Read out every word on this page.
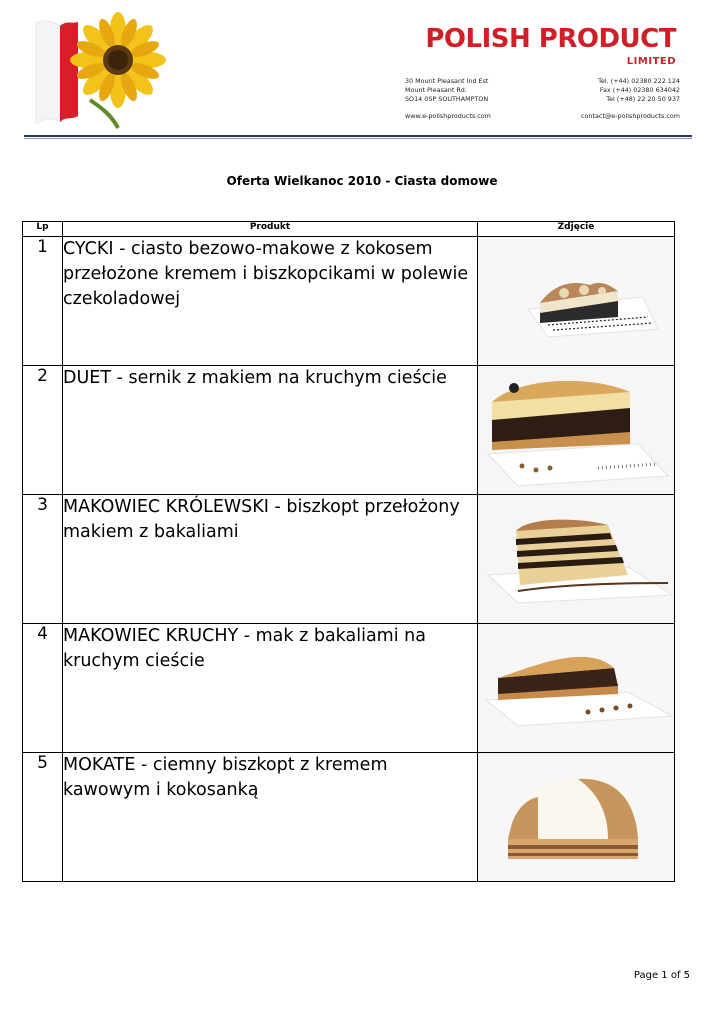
POLISH PRODUCT
LIMITED
30 Mount Pleasant Ind Est
Mount Pleasant Rd.
SO14 0SP SOUTHAMPTON
Tel. (+44) 02380 222 124
Fax (+44) 02380 634042
Tel (+48) 22 20 50 937
www.e-polishproducts.com	contact@e-polishproducts.com
Oferta Wielkanoc 2010 - Ciasta domowe
Lp	Produkt	Zdjęcie
1	CYCKI - ciasto bezowo-makowe z kokosem przełożone kremem i biszkopcikami w polewie czekoladowej	

2	DUET - sernik z makiem na kruchym cieście	

3	MAKOWIEC KRÓLEWSKI - biszkopt przełożony makiem z bakaliami	

4	MAKOWIEC KRUCHY - mak z bakaliami na kruchym cieście	

5	MOKATE - ciemny biszkopt z kremem kawowym i kokosanką	
Page 1 of 5
